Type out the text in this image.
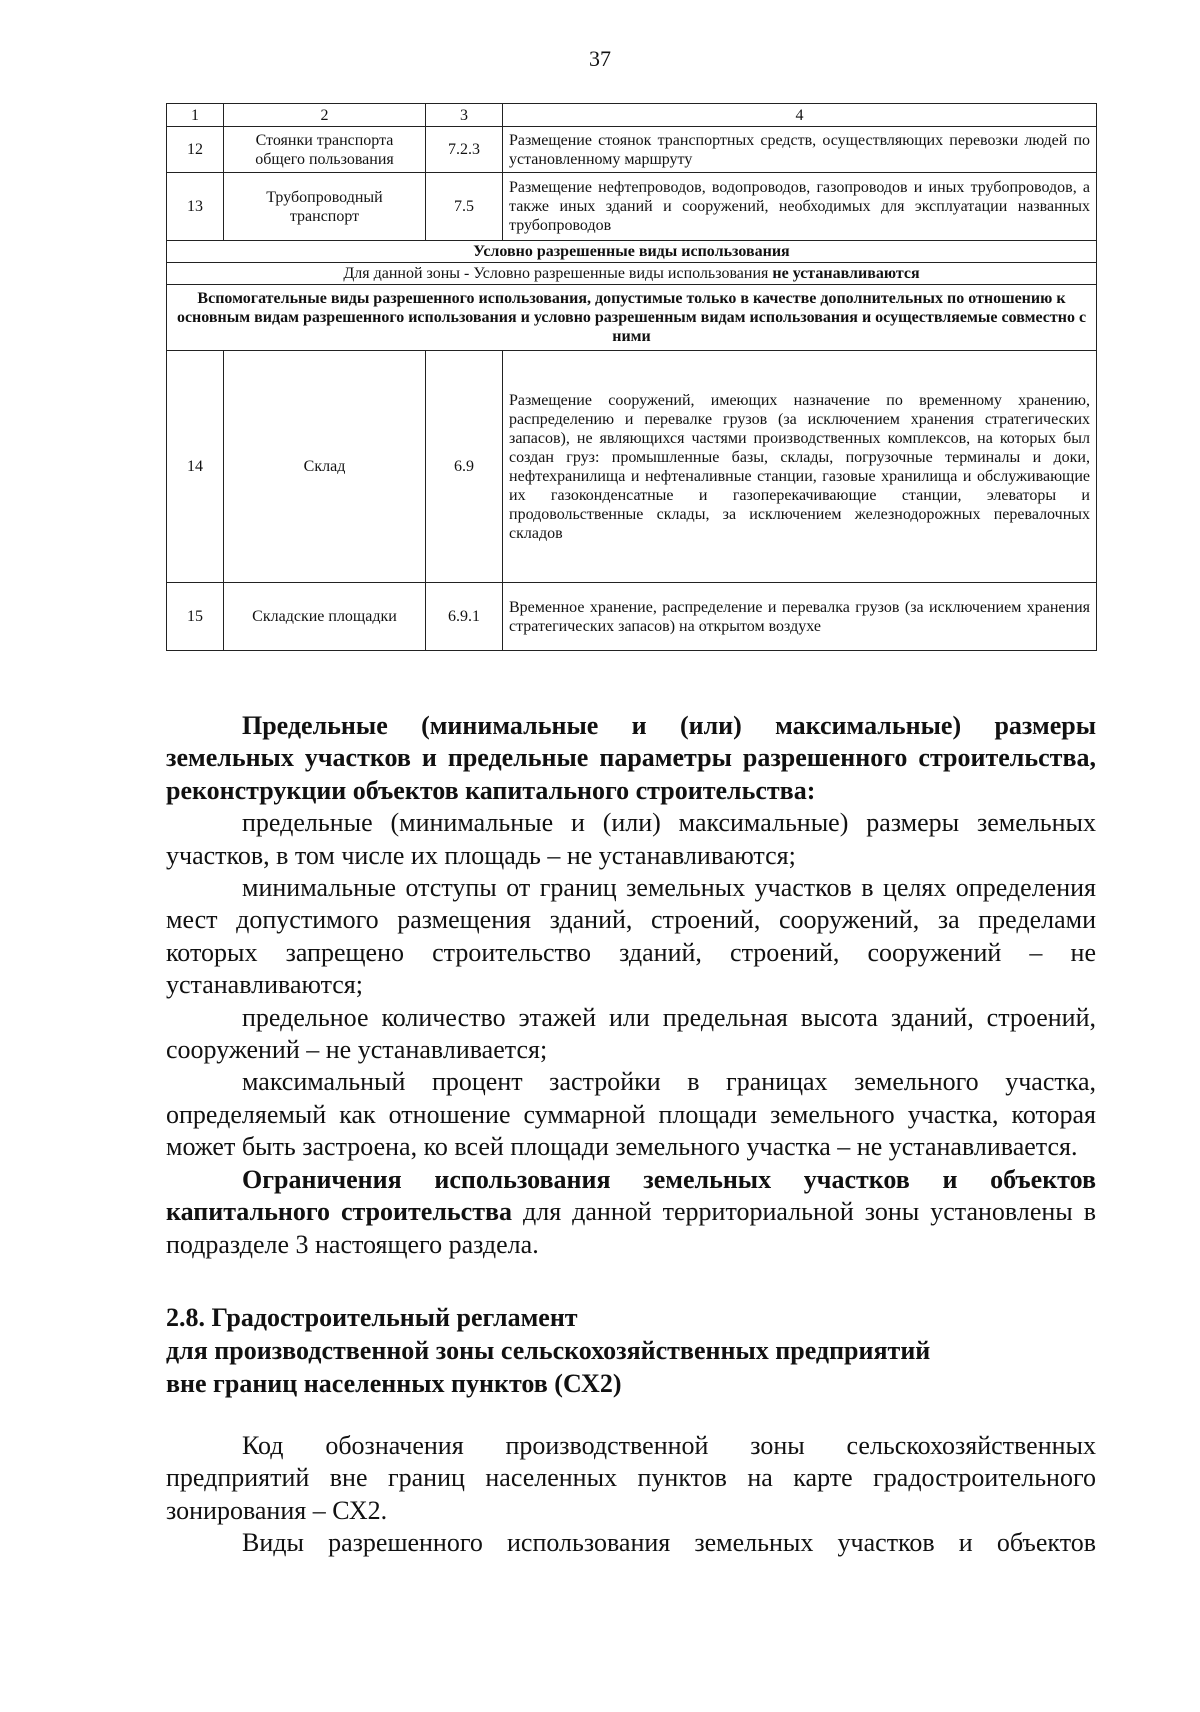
37
1	2	3	4
12	Стоянки транспорта общего пользования	7.2.3	Размещение стоянок транспортных средств, осуществляющих перевозки людей по установленному маршруту
13	Трубопроводный транспорт	7.5	Размещение нефтепроводов, водопроводов, газопроводов и иных трубопроводов, а также иных зданий и сооружений, необходимых для эксплуатации названных трубопроводов
Условно разрешенные виды использования			
Для данной зоны - Условно разрешенные виды использования не устанавливаются			
Вспомогательные виды разрешенного использования, допустимые только в качестве дополнительных по отношению к основным видам разрешенного использования и условно разрешенным видам использования и осуществляемые совместно с ними			
14	Склад	6.9	Размещение сооружений, имеющих назначение по временному хранению, распределению и перевалке грузов (за исключением хранения стратегических запасов), не являющихся частями производственных комплексов, на которых был создан груз: промышленные базы, склады, погрузочные терминалы и доки, нефтехранилища и нефтеналивные станции, газовые хранилища и обслуживающие их газоконденсатные и газоперекачивающие станции, элеваторы и продовольственные склады, за исключением железнодорожных перевалочных складов
15	Складские площадки	6.9.1	Временное хранение, распределение и перевалка грузов (за исключением хранения стратегических запасов) на открытом воздухе

Предельные (минимальные и (или) максимальные) размеры земельных участков и предельные параметры разрешенного строительства, реконструкции объектов капитального строительства:

предельные (минимальные и (или) максимальные) размеры земельных участков, в том числе их площадь – не устанавливаются;

минимальные отступы от границ земельных участков в целях определения мест допустимого размещения зданий, строений, сооружений, за пределами которых запрещено строительство зданий, строений, сооружений – не устанавливаются;

предельное количество этажей или предельная высота зданий, строений, сооружений – не устанавливается;

максимальный процент застройки в границах земельного участка, определяемый как отношение суммарной площади земельного участка, которая может быть застроена, ко всей площади земельного участка – не устанавливается.

Ограничения использования земельных участков и объектов капитального строительства для данной территориальной зоны установлены в подразделе 3 настоящего раздела.

2.8. Градостроительный регламент

для производственной зоны сельскохозяйственных предприятий

вне границ населенных пунктов (СХ2)

Код обозначения производственной зоны сельскохозяйственных предприятий вне границ населенных пунктов на карте градостроительного зонирования – СХ2.

Виды разрешенного использования земельных участков и объектов
